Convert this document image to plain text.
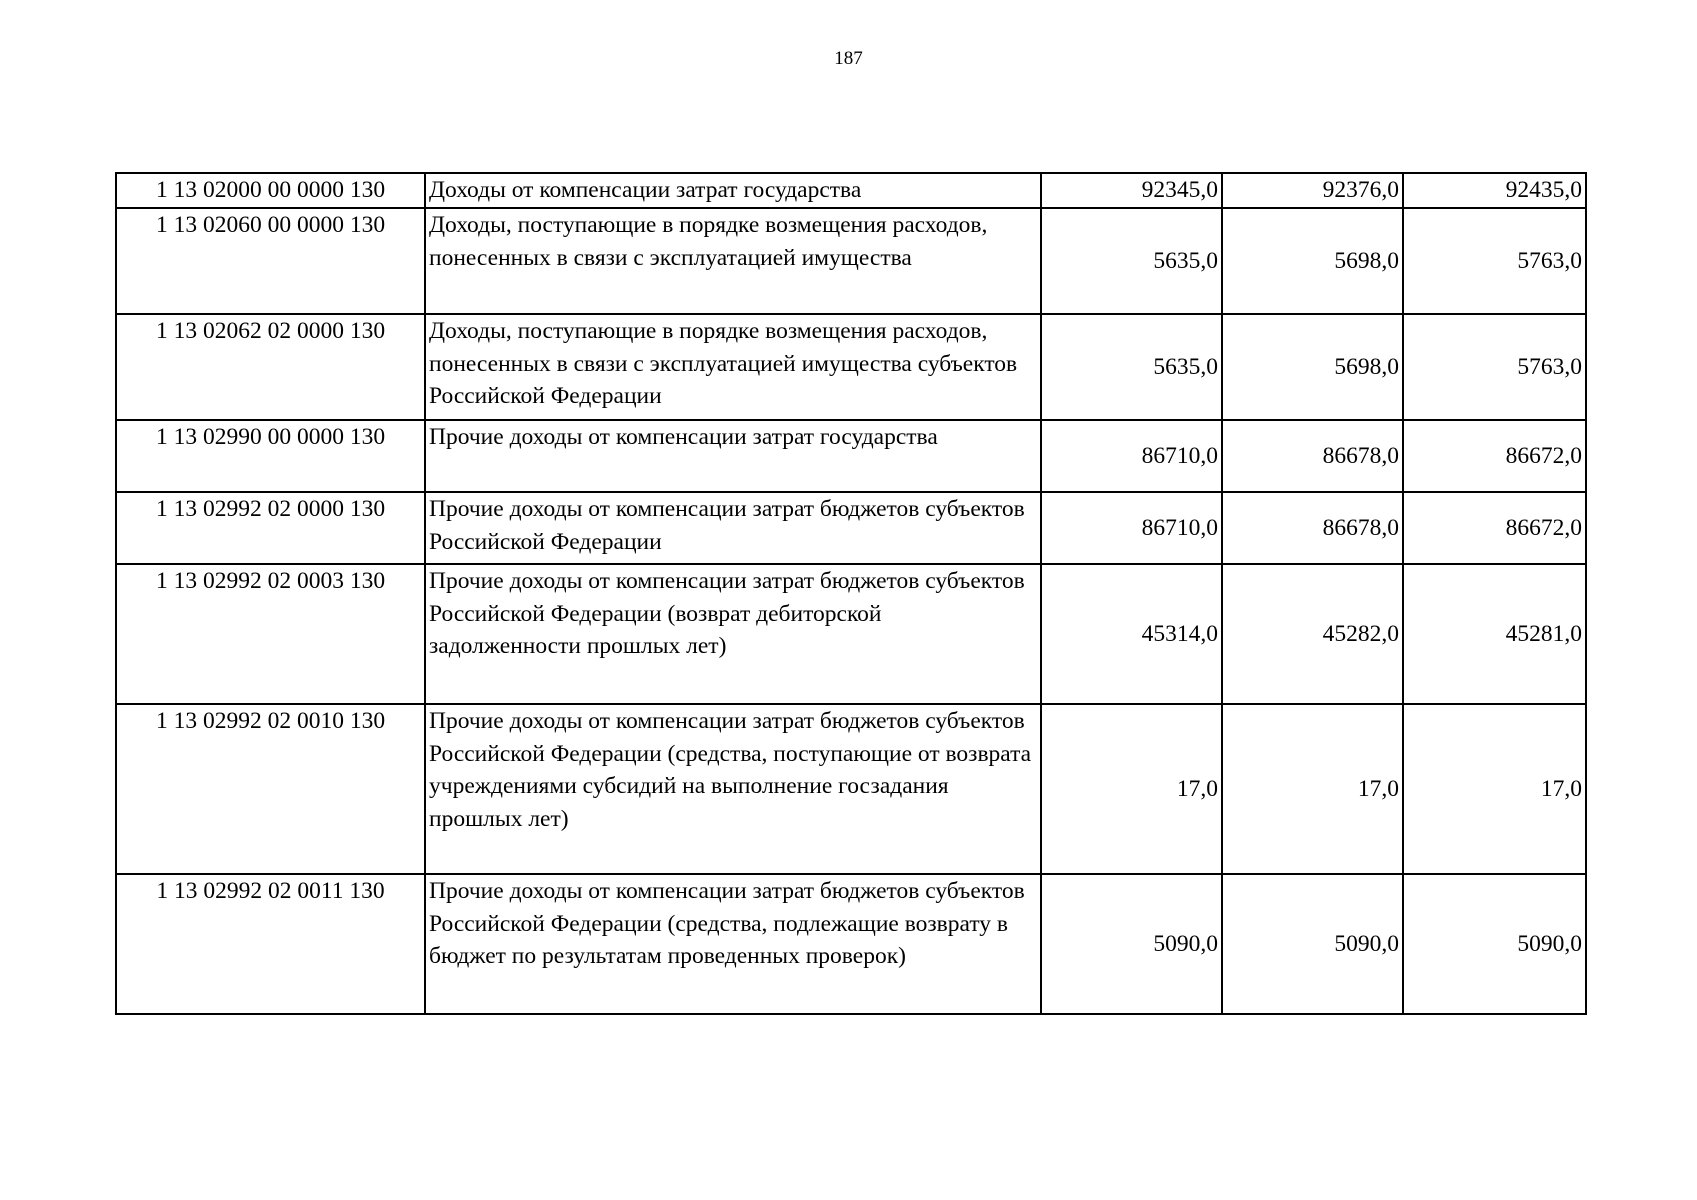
187
1 13 02000 00 0000 130	Доходы от компенсации затрат государства	92345,0	92376,0	92435,0
1 13 02060 00 0000 130	Доходы, поступающие в порядке возмещения расходов, понесенных в связи с эксплуатацией имущества	5635,0	5698,0	5763,0
1 13 02062 02 0000 130	Доходы, поступающие в порядке возмещения расходов, понесенных в связи с эксплуатацией имущества субъектов Российской Федерации	5635,0	5698,0	5763,0
1 13 02990 00 0000 130	Прочие доходы от компенсации затрат государства	86710,0	86678,0	86672,0
1 13 02992 02 0000 130	Прочие доходы от компенсации затрат бюджетов субъектов Российской Федерации	86710,0	86678,0	86672,0
1 13 02992 02 0003 130	Прочие доходы от компенсации затрат бюджетов субъектов Российской Федерации (возврат дебиторской задолженности прошлых лет)	45314,0	45282,0	45281,0
1 13 02992 02 0010 130	Прочие доходы от компенсации затрат бюджетов субъектов Российской Федерации (средства, поступающие от возврата учреждениями субсидий на выполнение госзадания прошлых лет)	17,0	17,0	17,0
1 13 02992 02 0011 130	Прочие доходы от компенсации затрат бюджетов субъектов Российской Федерации (средства, подлежащие возврату в бюджет по результатам проведенных проверок)	5090,0	5090,0	5090,0
